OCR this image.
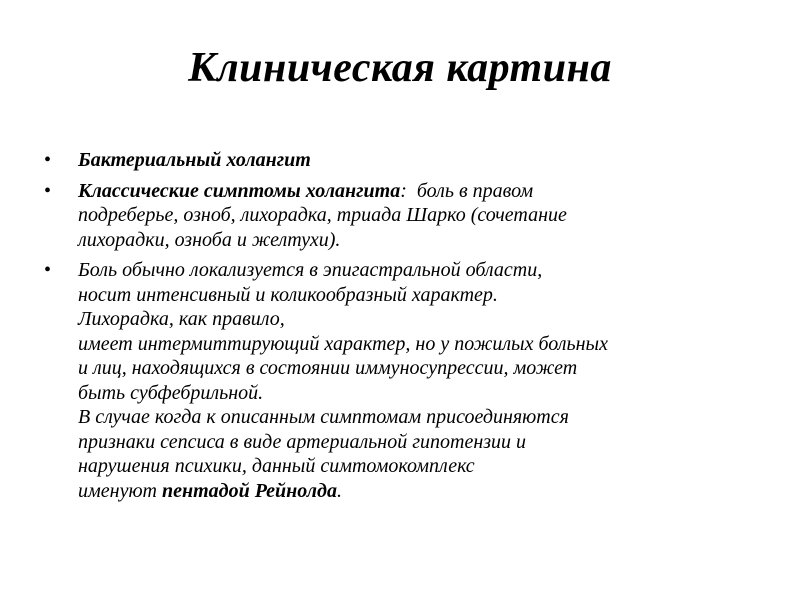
Клиническая картина
• Бактериальный холангит
• Классические симптомы холангита:  боль в правом
подреберье, озноб, лихорадка, триада Шарко (сочетание
лихорадки, озноба и желтухи).
• Боль обычно локализуется в эпигастральной области,
носит интенсивный и коликообразный характер.
Лихорадка, как правило,
имеет интермиттирующий характер, но у пожилых больных
и лиц, находящихся в состоянии иммуносупрессии, может
быть субфебрильной.
В случае когда к описанным симптомам присоединяются
признаки сепсиса в виде артериальной гипотензии и
нарушения психики, данный симтомокомплекс
именуют пентадой Рейнолда.
